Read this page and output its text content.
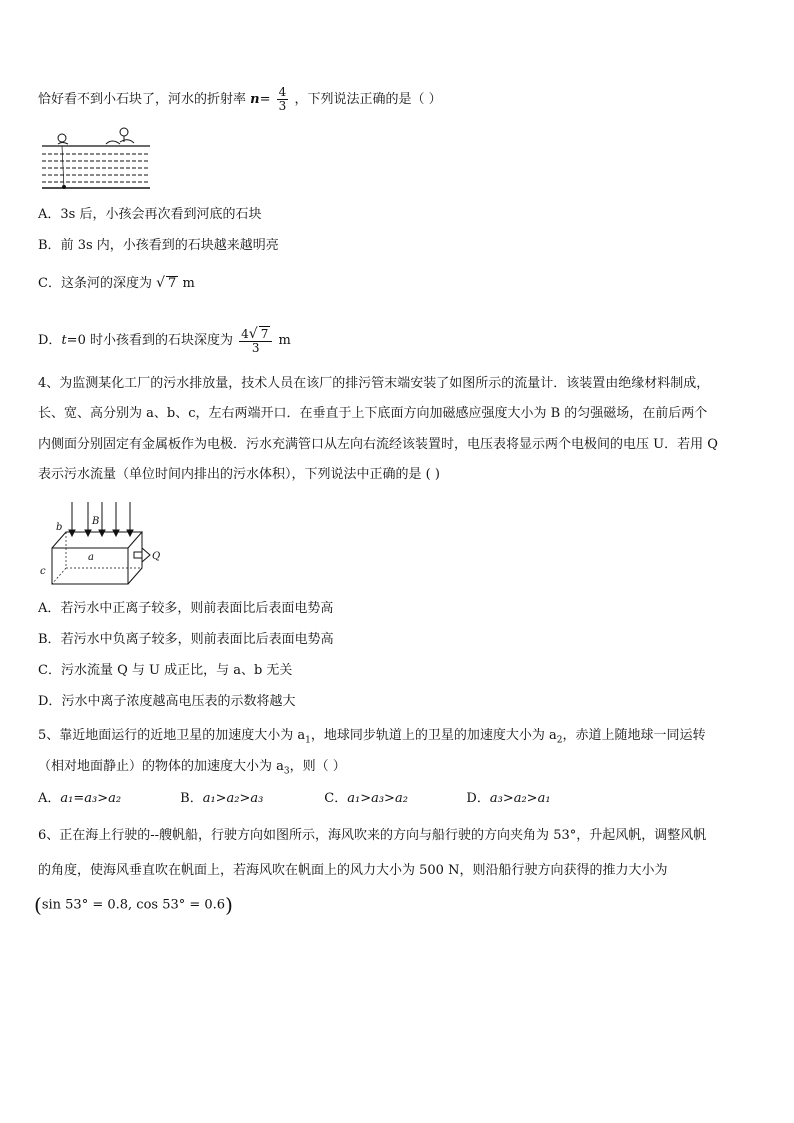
恰好看不到小石块了，河水的折射率 $n= \frac{4}{3}$ ，下列说法正确的是（ ）
A．3s 后，小孩会再次看到河底的石块
B．前 3s 内，小孩看到的石块越来越明亮
C．这条河的深度为 √ 7 m
D．t=0 时小孩看到的石块深度为 $\frac{4√ 7}{3}$ m
4、为监测某化工厂的污水排放量，技术人员在该厂的排污管末端安装了如图所示的流量计．该装置由绝缘材料制成，
长、宽、高分别为 a、b、c，左右两端开口．在垂直于上下底面方向加磁感应强度大小为 B 的匀强磁场，在前后两个
内侧面分别固定有金属板作为电极．污水充满管口从左向右流经该装置时，电压表将显示两个电极间的电压 U．若用 Q
表示污水流量（单位时间内排出的污水体积），下列说法中正确的是 ( )
Q
b
B
a
c
A．若污水中正离子较多，则前表面比后表面电势高
B．若污水中负离子较多，则前表面比后表面电势高
C．污水流量 Q 与 U 成正比，与 a、b 无关
D．污水中离子浓度越高电压表的示数将越大
5、靠近地面运行的近地卫星的加速度大小为 $a_1$，地球同步轨道上的卫星的加速度大小为 $a_2$，赤道上随地球一同运转
（相对地面静止）的物体的加速度大小为 $a_3$，则（ ）
A．a₁=a₃>a₂	B．a₁>a₂>a₃	C．a₁>a₃>a₂	D．a₃>a₂>a₁
6、正在海上行驶的--艘帆船，行驶方向如图所示，海风吹来的方向与船行驶的方向夹角为 53°，升起风帆，调整风帆
的角度，使海风垂直吹在帆面上，若海风吹在帆面上的风力大小为 500 N，则沿船行驶方向获得的推力大小为
(sin 53° = 0.8, cos 53° = 0.6)
